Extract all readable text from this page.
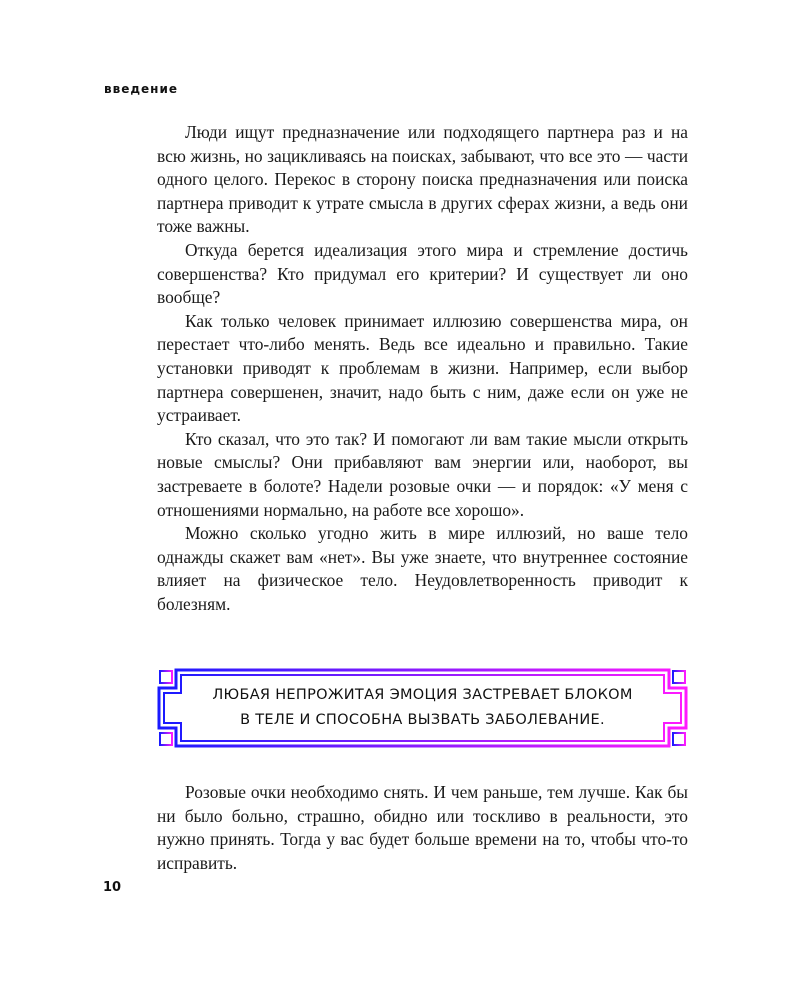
введение

Люди ищут предназначение или подходящего партнера раз и на всю жизнь, но зацикливаясь на поисках, забывают, что все это — части одного целого. Перекос в сторону поиска предназначения или поиска партнера приводит к утрате смысла в других сферах жизни, а ведь они тоже важны.

Откуда берется идеализация этого мира и стремление достичь совершенства? Кто придумал его критерии? И существует ли оно вообще?

Как только человек принимает иллюзию совершенства мира, он перестает что-либо менять. Ведь все идеально и правильно. Такие установки приводят к проблемам в жизни. Например, если выбор партнера совершенен, значит, надо быть с ним, даже если он уже не устраивает.

Кто сказал, что это так? И помогают ли вам такие мысли открыть новые смыслы? Они прибавляют вам энергии или, наоборот, вы застреваете в болоте? Надели розовые очки — и порядок: «У меня с отношениями нормально, на работе все хорошо».

Можно сколько угодно жить в мире иллюзий, но ваше тело однажды скажет вам «нет». Вы уже знаете, что внутреннее состояние влияет на физическое тело. Неудовлетворенность приводит к болезням.

ЛЮБАЯ НЕПРОЖИТАЯ ЭМОЦИЯ ЗАСТРЕВАЕТ БЛОКОМ
В ТЕЛЕ И СПОСОБНА ВЫЗВАТЬ ЗАБОЛЕВАНИЕ.

Розовые очки необходимо снять. И чем раньше, тем лучше. Как бы ни было больно, страшно, обидно или тоскливо в реальности, это нужно принять. Тогда у вас будет больше времени на то, чтобы что-то исправить.

10
